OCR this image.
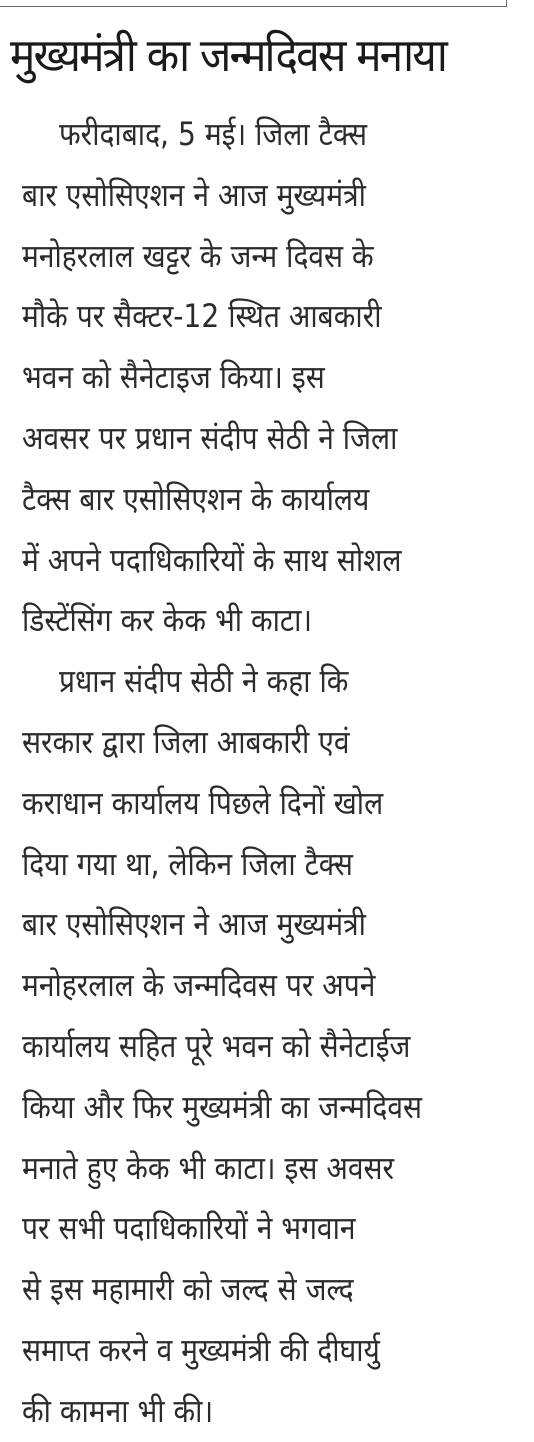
मुख्यमंत्री का जन्मदिवस मनाया
फरीदाबाद, 5 मई। जिला टैक्स
बार एसोसिएशन ने आज मुख्यमंत्री
मनोहरलाल खट्टर के जन्म दिवस के
मौके पर सैक्टर-12 स्थित आबकारी
भवन को सैनेटाइज किया। इस
अवसर पर प्रधान संदीप सेठी ने जिला
टैक्स बार एसोसिएशन के कार्यालय
में अपने पदाधिकारियों के साथ सोशल
डिस्टेंसिंग कर केक भी काटा।
प्रधान संदीप सेठी ने कहा कि
सरकार द्वारा जिला आबकारी एवं
कराधान कार्यालय पिछले दिनों खोल
दिया गया था, लेकिन जिला टैक्स
बार एसोसिएशन ने आज मुख्यमंत्री
मनोहरलाल के जन्मदिवस पर अपने
कार्यालय सहित पूरे भवन को सैनेटाईज
किया और फिर मुख्यमंत्री का जन्मदिवस
मनाते हुए केक भी काटा। इस अवसर
पर सभी पदाधिकारियों ने भगवान
से इस महामारी को जल्द से जल्द
समाप्त करने व मुख्यमंत्री की दीघार्यु
की कामना भी की।
